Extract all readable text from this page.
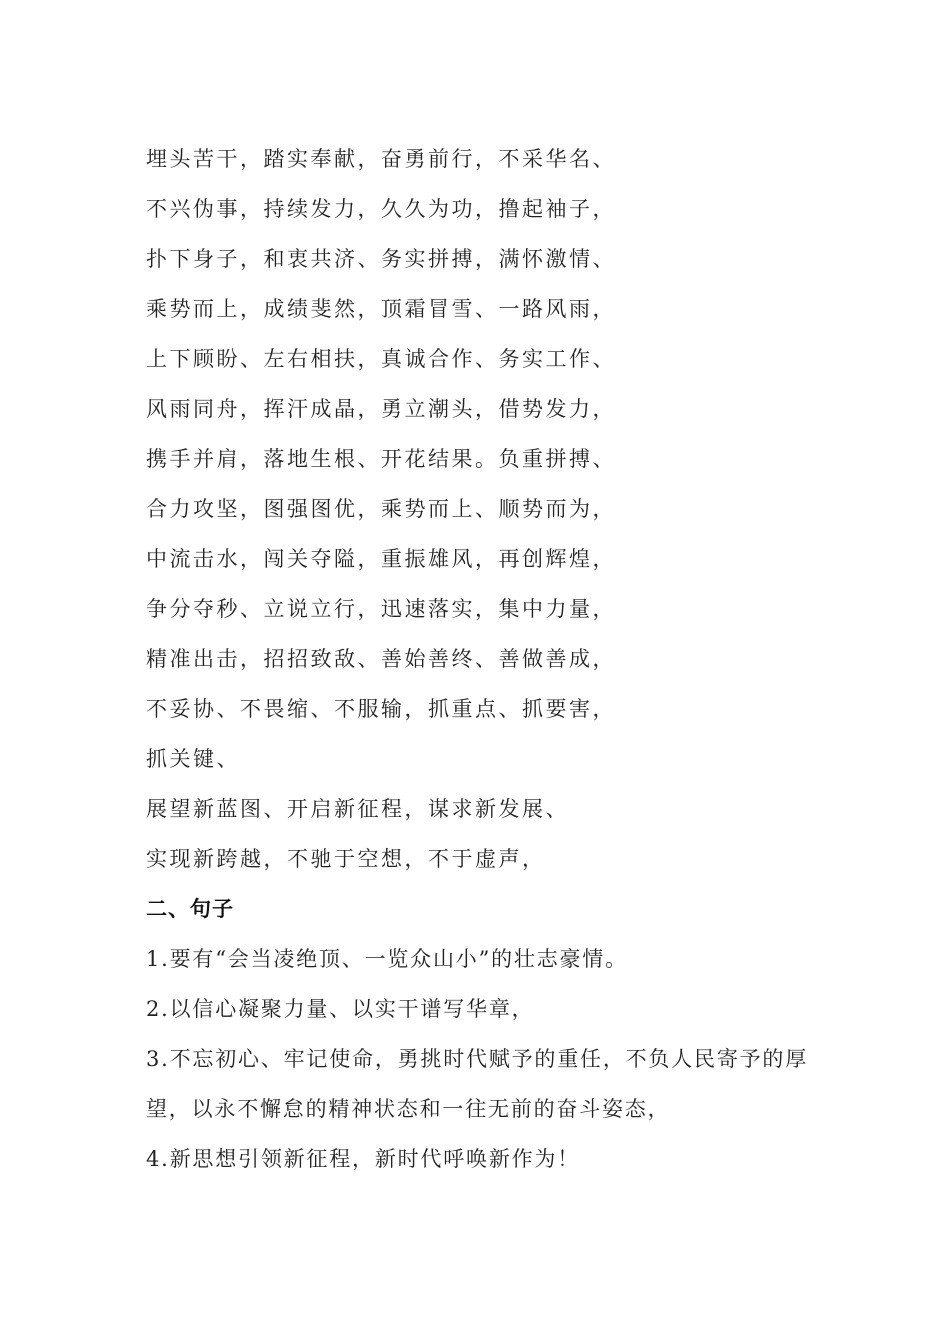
埋头苦干，踏实奉献，奋勇前行，不采华名、
不兴伪事，持续发力，久久为功，撸起袖子，
扑下身子，和衷共济、务实拼搏，满怀激情、
乘势而上，成绩斐然，顶霜冒雪、一路风雨，
上下顾盼、左右相扶，真诚合作、务实工作、
风雨同舟，挥汗成晶，勇立潮头，借势发力，
携手并肩，落地生根、开花结果。负重拼搏、
合力攻坚，图强图优，乘势而上、顺势而为，
中流击水，闯关夺隘，重振雄风，再创辉煌，
争分夺秒、立说立行，迅速落实，集中力量，
精准出击，招招致敌、善始善终、善做善成，
不妥协、不畏缩、不服输，抓重点、抓要害，
抓关键、
展望新蓝图、开启新征程，谋求新发展、
实现新跨越，不驰于空想，不于虚声，
二、句子
1.要有“会当凌绝顶、一览众山小”的壮志豪情。
2.以信心凝聚力量、以实干谱写华章，
3.不忘初心、牢记使命，勇挑时代赋予的重任，不负人民寄予的厚望，以永不懈怠的精神状态和一往无前的奋斗姿态，
4.新思想引领新征程，新时代呼唤新作为！
